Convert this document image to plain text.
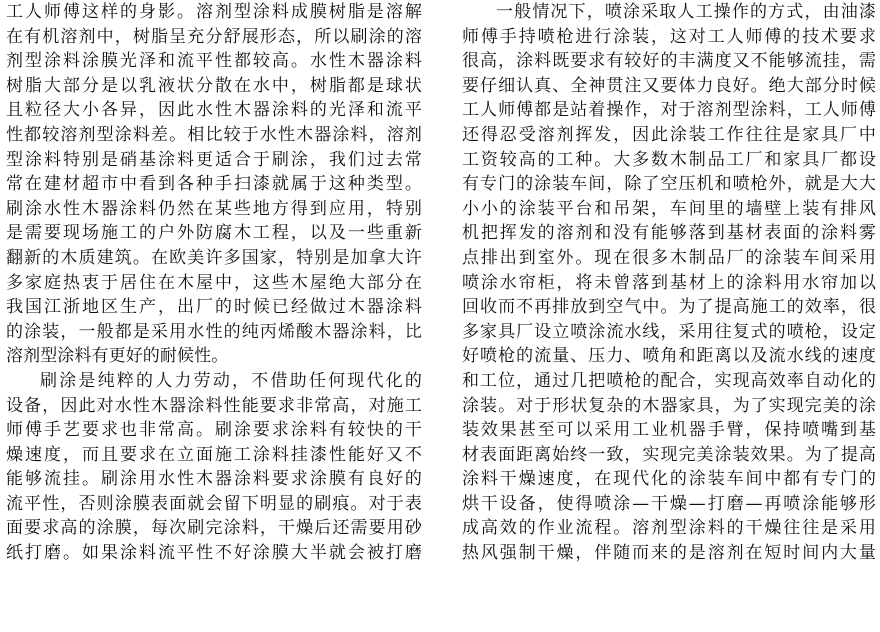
工人师傅这样的身影。溶剂型涂料成膜树脂是溶解
在有机溶剂中，树脂呈充分舒展形态，所以刷涂的溶
剂型涂料涂膜光泽和流平性都较高。水性木器涂料
树脂大部分是以乳液状分散在水中，树脂都是球状
且粒径大小各异，因此水性木器涂料的光泽和流平
性都较溶剂型涂料差。相比较于水性木器涂料，溶剂
型涂料特别是硝基涂料更适合于刷涂，我们过去常
常在建材超市中看到各种手扫漆就属于这种类型。
刷涂水性木器涂料仍然在某些地方得到应用，特别
是需要现场施工的户外防腐木工程，以及一些重新
翻新的木质建筑。在欧美许多国家，特别是加拿大许
多家庭热衷于居住在木屋中，这些木屋绝大部分在
我国江浙地区生产，出厂的时候已经做过木器涂料
的涂装，一般都是采用水性的纯丙烯酸木器涂料，比
溶剂型涂料有更好的耐候性。
刷涂是纯粹的人力劳动，不借助任何现代化的
设备，因此对水性木器涂料性能要求非常高，对施工
师傅手艺要求也非常高。刷涂要求涂料有较快的干
燥速度，而且要求在立面施工涂料挂漆性能好又不
能够流挂。刷涂用水性木器涂料要求涂膜有良好的
流平性，否则涂膜表面就会留下明显的刷痕。对于表
面要求高的涂膜，每次刷完涂料，干燥后还需要用砂
纸打磨。如果涂料流平性不好涂膜大半就会被打磨
一般情况下，喷涂采取人工操作的方式，由油漆
师傅手持喷枪进行涂装，这对工人师傅的技术要求
很高，涂料既要求有较好的丰满度又不能够流挂，需
要仔细认真、全神贯注又要体力良好。绝大部分时候
工人师傅都是站着操作，对于溶剂型涂料，工人师傅
还得忍受溶剂挥发，因此涂装工作往往是家具厂中
工资较高的工种。大多数木制品工厂和家具厂都设
有专门的涂装车间，除了空压机和喷枪外，就是大大
小小的涂装平台和吊架，车间里的墙壁上装有排风
机把挥发的溶剂和没有能够落到基材表面的涂料雾
点排出到室外。现在很多木制品厂的涂装车间采用
喷涂水帘柜，将未曾落到基材上的涂料用水帘加以
回收而不再排放到空气中。为了提高施工的效率，很
多家具厂设立喷涂流水线，采用往复式的喷枪，设定
好喷枪的流量、压力、喷角和距离以及流水线的速度
和工位，通过几把喷枪的配合，实现高效率自动化的
涂装。对于形状复杂的木器家具，为了实现完美的涂
装效果甚至可以采用工业机器手臂，保持喷嘴到基
材表面距离始终一致，实现完美涂装效果。为了提高
涂料干燥速度，在现代化的涂装车间中都有专门的
烘干设备，使得喷涂—干燥—打磨—再喷涂能够形
成高效的作业流程。溶剂型涂料的干燥往往是采用
热风强制干燥，伴随而来的是溶剂在短时间内大量
